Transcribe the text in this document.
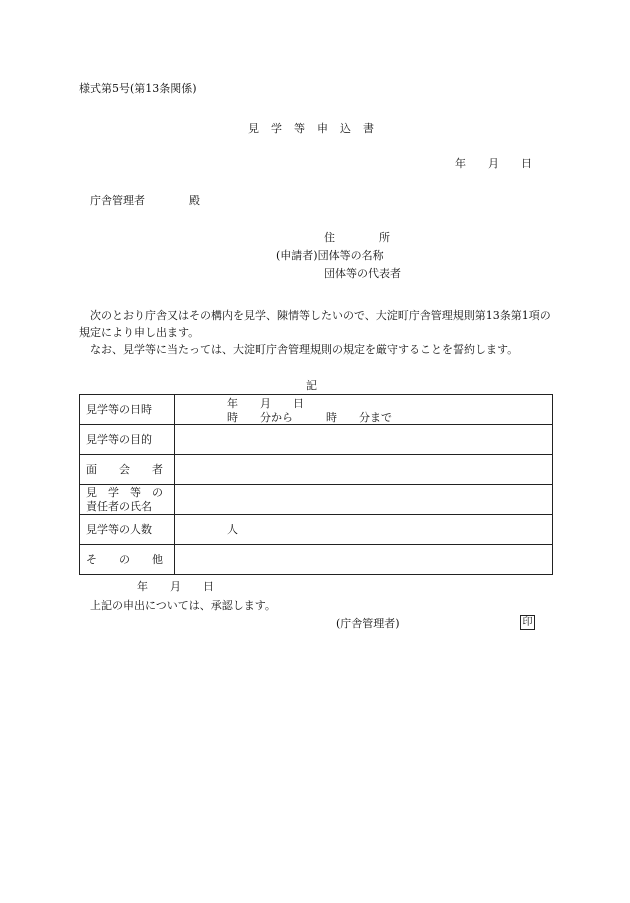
様式第5号(第13条関係)
見学等申込書
年　　月　　日
庁舎管理者	殿
住　　　　所
(申請者)団体等の名称
団体等の代表者

次のとおり庁舎又はその構内を見学、陳情等したいので、大淀町庁舎管理規則第13条第1項の規定により申し出ます。

なお、見学等に当たっては、大淀町庁舎管理規則の規定を厳守することを誓約します。

記
見学等の日時	年　　月　　日
時　　分から　　　時　　分まで

見学等の目的	
面　　会　　者	
見　学　等　の
責任者の氏名	
見学等の人数	人

そ　　の　　他	
年　　月　　日
上記の申出については、承認します。
(庁舎管理者)	印
